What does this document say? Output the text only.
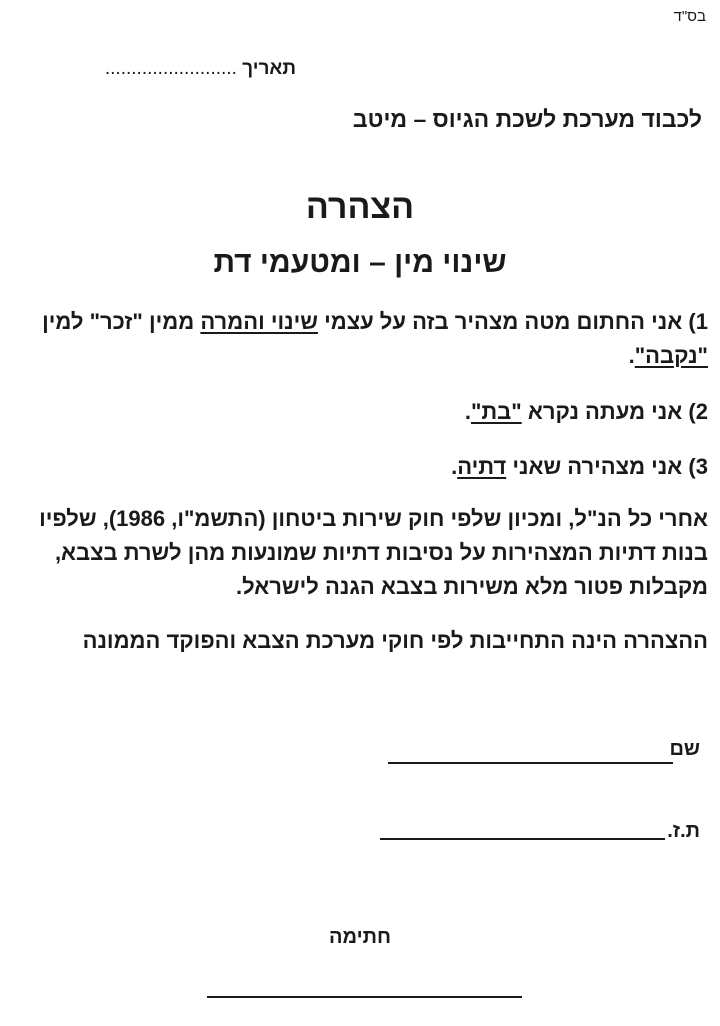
בס"ד
תאריך .........................
לכבוד מערכת לשכת הגיוס – מיטב
הצהרה
שינוי מין – ומטעמי דת
1) אני החתום מטה מצהיר בזה על עצמי שינוי והמרה ממין "זכר" למין "נקבה".
2) אני מעתה נקרא "בת".
3) אני מצהירה שאני דתיה.
אחרי כל הנ"ל, ומכיון שלפי חוק שירות ביטחון (התשמ"ו, 1986), שלפיו בנות דתיות המצהירות על נסיבות דתיות שמונעות מהן לשרת בצבא, מקבלות פטור מלא משירות בצבא הגנה לישראל.
ההצהרה הינה התחייבות לפי חוקי מערכת הצבא והפוקד הממונה
שם
ת.ז.
חתימה
